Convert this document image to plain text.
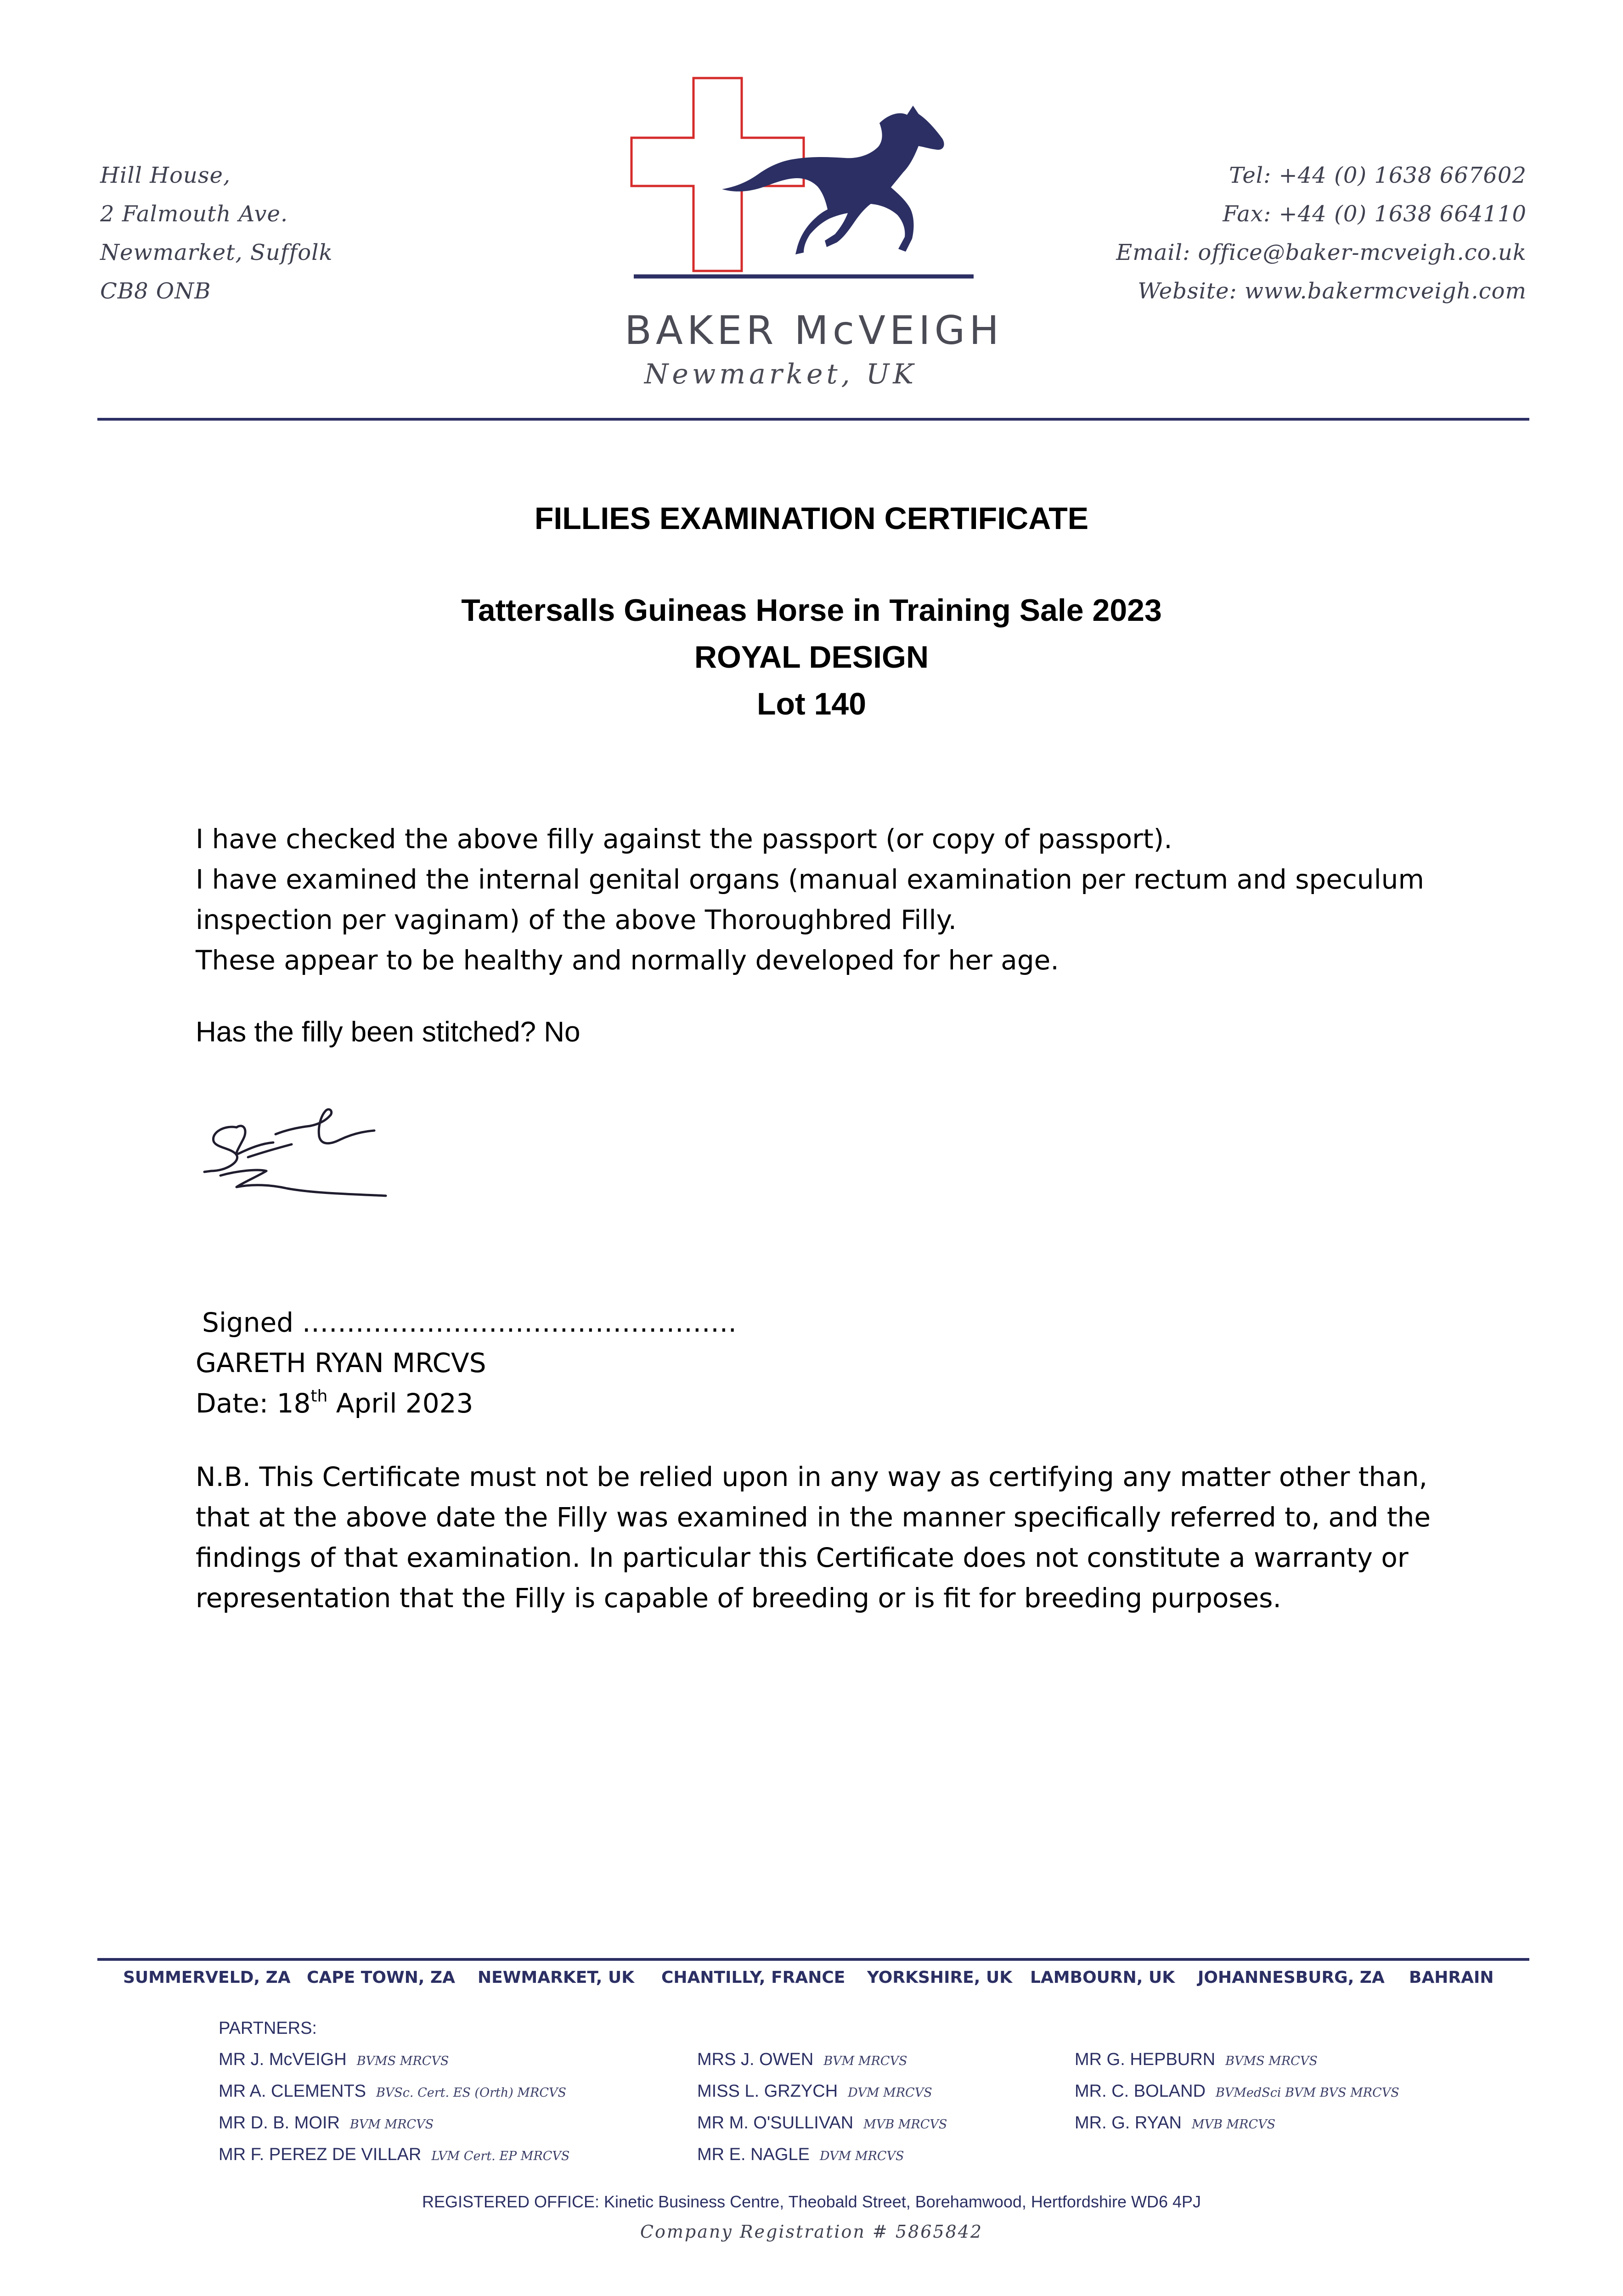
Hill House,
2 Falmouth Ave.
Newmarket, Suffolk
CB8 ONB
BAKER McVEIGH
Newmarket, UK
Tel: +44 (0) 1638 667602
Fax: +44 (0) 1638 664110
Email: office@baker-mcveigh.co.uk
Website: www.bakermcveigh.com
FILLIES EXAMINATION CERTIFICATE
Tattersalls Guineas Horse in Training Sale 2023
ROYAL DESIGN
Lot 140
I have checked the above filly against the passport (or copy of passport).
I have examined the internal genital organs (manual examination per rectum and speculum
inspection per vaginam) of the above Thoroughbred Filly.
These appear to be healthy and normally developed for her age.
Has the filly been stitched? No
Signed ………………………………………….
GARETH RYAN MRCVS
Date: 18th April 2023
N.B. This Certificate must not be relied upon in any way as certifying any matter other than,
that at the above date the Filly was examined in the manner specifically referred to, and the
findings of that examination. In particular this Certificate does not constitute a warranty or
representation that the Filly is capable of breeding or is fit for breeding purposes.
SUMMERVELD, ZA CAPE TOWN, ZA NEWMARKET, UK CHANTILLY, FRANCE YORKSHIRE, UK LAMBOURN, UK JOHANNESBURG, ZA BAHRAIN
PARTNERS:
MR J. McVEIGH BVMS MRCVS
MR A. CLEMENTS BVSc. Cert. ES (Orth) MRCVS
MR D. B. MOIR BVM MRCVS
MR F. PEREZ DE VILLAR LVM Cert. EP MRCVS
MRS J. OWEN BVM MRCVS
MISS L. GRZYCH DVM MRCVS
MR M. O'SULLIVAN MVB MRCVS
MR E. NAGLE DVM MRCVS
MR G. HEPBURN BVMS MRCVS
MR. C. BOLAND BVMedSci BVM BVS MRCVS
MR. G. RYAN MVB MRCVS
REGISTERED OFFICE: Kinetic Business Centre, Theobald Street, Borehamwood, Hertfordshire WD6 4PJ
Company Registration # 5865842
